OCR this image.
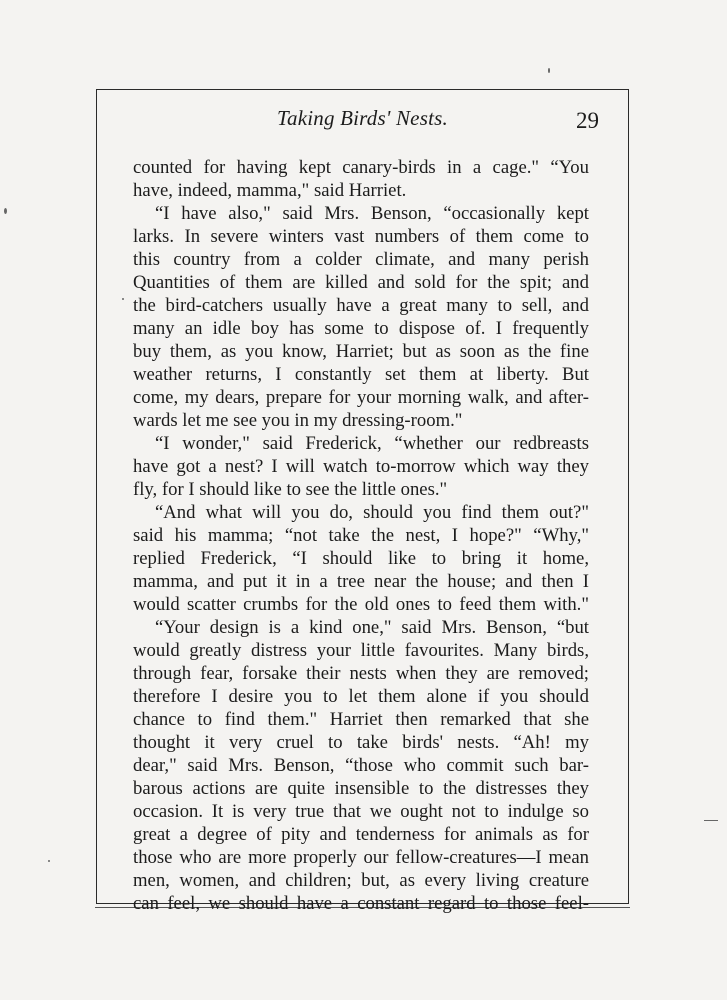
Taking Birds' Nests.	29
counted for having kept canary-birds in a cage." “You
have, indeed, mamma," said Harriet.
“I have also," said Mrs. Benson, “occasionally kept
larks. In severe winters vast numbers of them come to
this country from a colder climate, and many perish
Quantities of them are killed and sold for the spit; and
the bird-catchers usually have a great many to sell, and
many an idle boy has some to dispose of. I frequently
buy them, as you know, Harriet; but as soon as the fine
weather returns, I constantly set them at liberty. But
come, my dears, prepare for your morning walk, and after-
wards let me see you in my dressing-room."
“I wonder," said Frederick, “whether our redbreasts
have got a nest? I will watch to-morrow which way they
fly, for I should like to see the little ones."
“And what will you do, should you find them out?"
said his mamma; “not take the nest, I hope?" “Why,"
replied Frederick, “I should like to bring it home,
mamma, and put it in a tree near the house; and then I
would scatter crumbs for the old ones to feed them with."
“Your design is a kind one," said Mrs. Benson, “but
would greatly distress your little favourites. Many birds,
through fear, forsake their nests when they are removed;
therefore I desire you to let them alone if you should
chance to find them." Harriet then remarked that she
thought it very cruel to take birds' nests. “Ah! my
dear," said Mrs. Benson, “those who commit such bar-
barous actions are quite insensible to the distresses they
occasion. It is very true that we ought not to indulge so
great a degree of pity and tenderness for animals as for
those who are more properly our fellow-creatures—I mean
men, women, and children; but, as every living creature
can feel, we should have a constant regard to those feel-
